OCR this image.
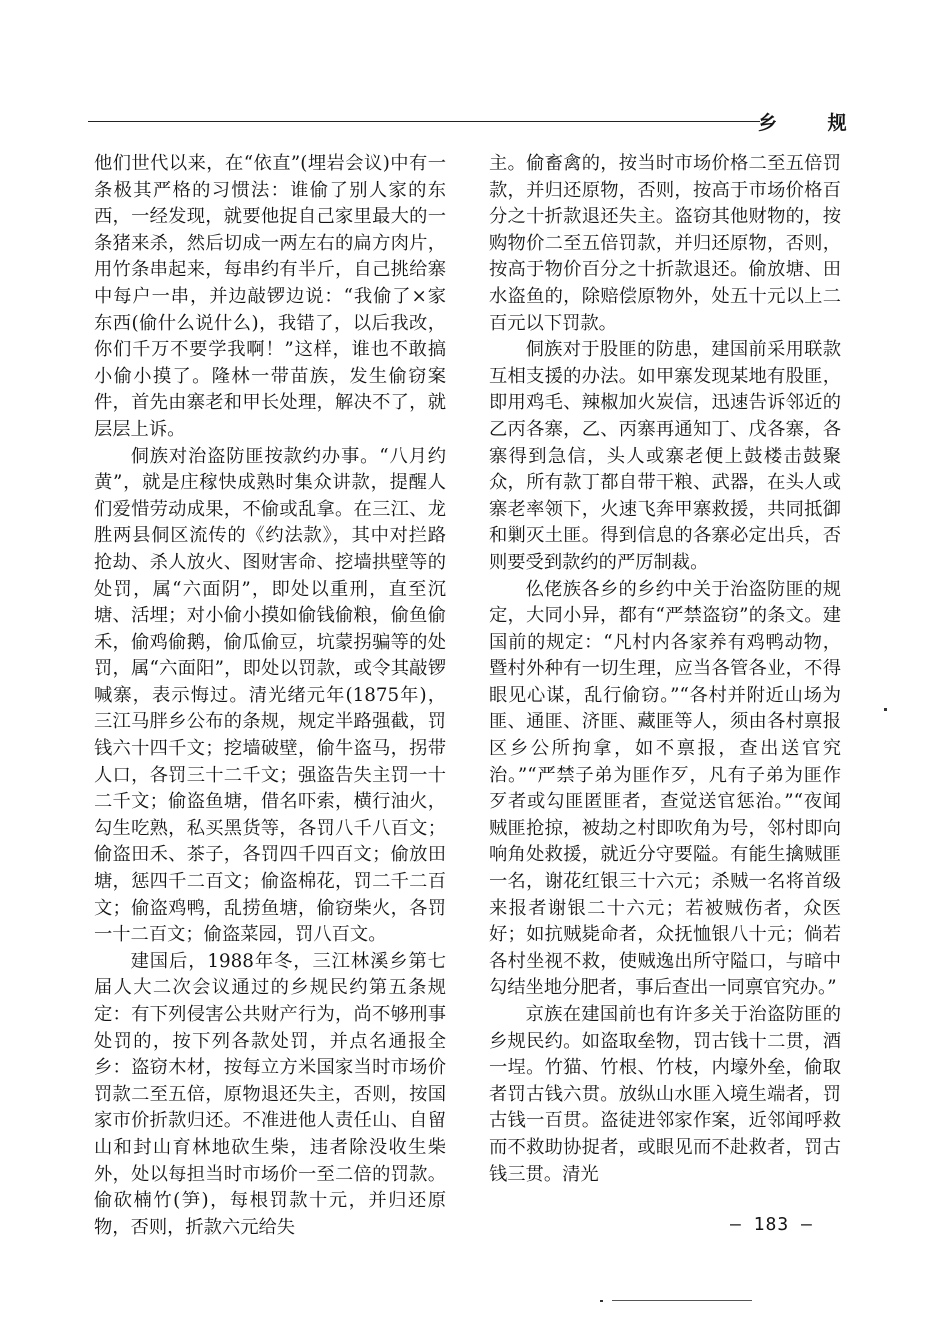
乡 规

他们世代以来，在“依直”(埋岩会议)中有一条极其严格的习惯法：谁偷了别人家的东西，一经发现，就要他捉自己家里最大的一条猪来杀，然后切成一两左右的扁方肉片，用竹条串起来，每串约有半斤，自己挑给寨中每户一串，并边敲锣边说：“我偷了×家东西(偷什么说什么)，我错了，以后我改，你们千万不要学我啊！”这样，谁也不敢搞小偷小摸了。隆林一带苗族，发生偷窃案件，首先由寨老和甲长处理，解决不了，就层层上诉。

侗族对治盗防匪按款约办事。“八月约黄”，就是庄稼快成熟时集众讲款，提醒人们爱惜劳动成果，不偷或乱拿。在三江、龙胜两县侗区流传的《约法款》，其中对拦路抢劫、杀人放火、图财害命、挖墙拱壁等的处罚，属“六面阴”，即处以重刑，直至沉塘、活埋；对小偷小摸如偷钱偷粮，偷鱼偷禾，偷鸡偷鹅，偷瓜偷豆，坑蒙拐骗等的处罚，属“六面阳”，即处以罚款，或令其敲锣喊寨，表示悔过。清光绪元年(1875年)，三江马胖乡公布的条规，规定半路强截，罚钱六十四千文；挖墙破壁，偷牛盗马，拐带人口，各罚三十二千文；强盗告失主罚一十二千文；偷盗鱼塘，借名吓索，横行油火，勾生吃熟，私买黑货等，各罚八千八百文；偷盗田禾、茶子，各罚四千四百文；偷放田塘，惩四千二百文；偷盗棉花，罚二千二百文；偷盗鸡鸭，乱捞鱼塘，偷窃柴火，各罚一十二百文；偷盗菜园，罚八百文。

建国后，1988年冬，三江林溪乡第七届人大二次会议通过的乡规民约第五条规定：有下列侵害公共财产行为，尚不够刑事处罚的，按下列各款处罚，并点名通报全乡：盗窃木材，按每立方米国家当时市场价罚款二至五倍，原物退还失主，否则，按国家市价折款归还。不准进他人责任山、自留山和封山育林地砍生柴，违者除没收生柴外，处以每担当时市场价一至二倍的罚款。偷砍楠竹(笋)，每根罚款十元，并归还原物，否则，折款六元给失

主。偷畜禽的，按当时市场价格二至五倍罚款，并归还原物，否则，按高于市场价格百分之十折款退还失主。盗窃其他财物的，按购物价二至五倍罚款，并归还原物，否则，按高于物价百分之十折款退还。偷放塘、田水盗鱼的，除赔偿原物外，处五十元以上二百元以下罚款。

侗族对于股匪的防患，建国前采用联款互相支援的办法。如甲寨发现某地有股匪，即用鸡毛、辣椒加火炭信，迅速告诉邻近的乙丙各寨，乙、丙寨再通知丁、戊各寨，各寨得到急信，头人或寨老便上鼓楼击鼓聚众，所有款丁都自带干粮、武器，在头人或寨老率领下，火速飞奔甲寨救援，共同抵御和剿灭土匪。得到信息的各寨必定出兵，否则要受到款约的严厉制裁。

仫佬族各乡的乡约中关于治盗防匪的规定，大同小异，都有“严禁盗窃”的条文。建国前的规定：“凡村内各家养有鸡鸭动物，暨村外种有一切生理，应当各管各业，不得眼见心谋，乱行偷窃。”“各村并附近山场为匪、通匪、济匪、藏匪等人，须由各村禀报区乡公所拘拿，如不禀报，查出送官究治。”“严禁子弟为匪作歹，凡有子弟为匪作歹者或勾匪匿匪者，查觉送官惩治。”“夜闻贼匪抢掠，被劫之村即吹角为号，邻村即向响角处救援，就近分守要隘。有能生擒贼匪一名，谢花红银三十六元；杀贼一名将首级来报者谢银二十六元；若被贼伤者，众医好；如抗贼毙命者，众抚恤银八十元；倘若各村坐视不救，使贼逸出所守隘口，与暗中勾结坐地分肥者，事后查出一同禀官究办。”

京族在建国前也有许多关于治盗防匪的乡规民约。如盗取垒物，罚古钱十二贯，酒一埕。竹猫、竹根、竹枝，内壕外垒，偷取者罚古钱六贯。放纵山水匪入境生端者，罚古钱一百贯。盗徒进邻家作案，近邻闻呼救而不救助协捉者，或眼见而不赴救者，罚古钱三贯。清光

— 183 —
